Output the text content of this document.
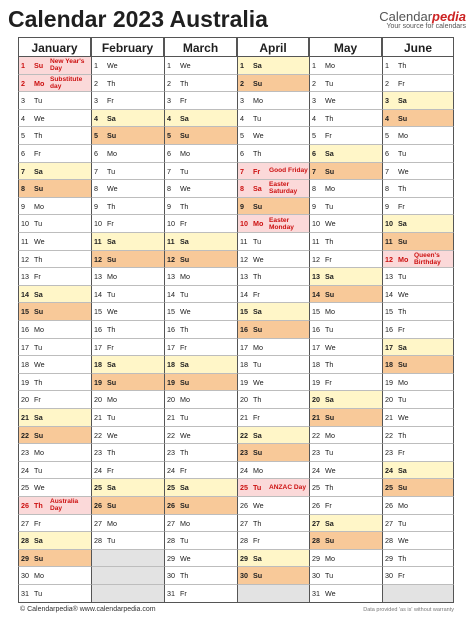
Calendar 2023 Australia	Calendarpedia
Your source for calendars
January
1 Su New Year's Day
2 Mo Substitute day
3 Tu
4 We
5 Th
6 Fr
7 Sa
8 Su
9 Mo
10 Tu
11 We
12 Th
13 Fr
14 Sa
15 Su
16 Mo
17 Tu
18 We
19 Th
20 Fr
21 Sa
22 Su
23 Mo
24 Tu
25 We
26 Th Australia Day
27 Fr
28 Sa
29 Su
30 Mo
31 Tu
February
1 We
2 Th
3 Fr
4 Sa
5 Su
6 Mo
7 Tu
8 We
9 Th
10 Fr
11 Sa
12 Su
13 Mo
14 Tu
15 We
16 Th
17 Fr
18 Sa
19 Su
20 Mo
21 Tu
22 We
23 Th
24 Fr
25 Sa
26 Su
27 Mo
28 Tu
March
1 We
2 Th
3 Fr
4 Sa
5 Su
6 Mo
7 Tu
8 We
9 Th
10 Fr
11 Sa
12 Su
13 Mo
14 Tu
15 We
16 Th
17 Fr
18 Sa
19 Su
20 Mo
21 Tu
22 We
23 Th
24 Fr
25 Sa
26 Su
27 Mo
28 Tu
29 We
30 Th
31 Fr
April
1 Sa
2 Su
3 Mo
4 Tu
5 We
6 Th
7 Fr Good Friday
8 Sa Easter Saturday
9 Su
10 Mo Easter Monday
11 Tu
12 We
13 Th
14 Fr
15 Sa
16 Su
17 Mo
18 Tu
19 We
20 Th
21 Fr
22 Sa
23 Su
24 Mo
25 Tu ANZAC Day
26 We
27 Th
28 Fr
29 Sa
30 Su
May
1 Mo
2 Tu
3 We
4 Th
5 Fr
6 Sa
7 Su
8 Mo
9 Tu
10 We
11 Th
12 Fr
13 Sa
14 Su
15 Mo
16 Tu
17 We
18 Th
19 Fr
20 Sa
21 Su
22 Mo
23 Tu
24 We
25 Th
26 Fr
27 Sa
28 Su
29 Mo
30 Tu
31 We
June
1 Th
2 Fr
3 Sa
4 Su
5 Mo
6 Tu
7 We
8 Th
9 Fr
10 Sa
11 Su
12 Mo Queen's Birthday
13 Tu
14 We
15 Th
16 Fr
17 Sa
18 Su
19 Mo
20 Tu
21 We
22 Th
23 Fr
24 Sa
25 Su
26 Mo
27 Tu
28 We
29 Th
30 Fr
© Calendarpedia® www.calendarpedia.com	Data provided 'as is' without warranty
